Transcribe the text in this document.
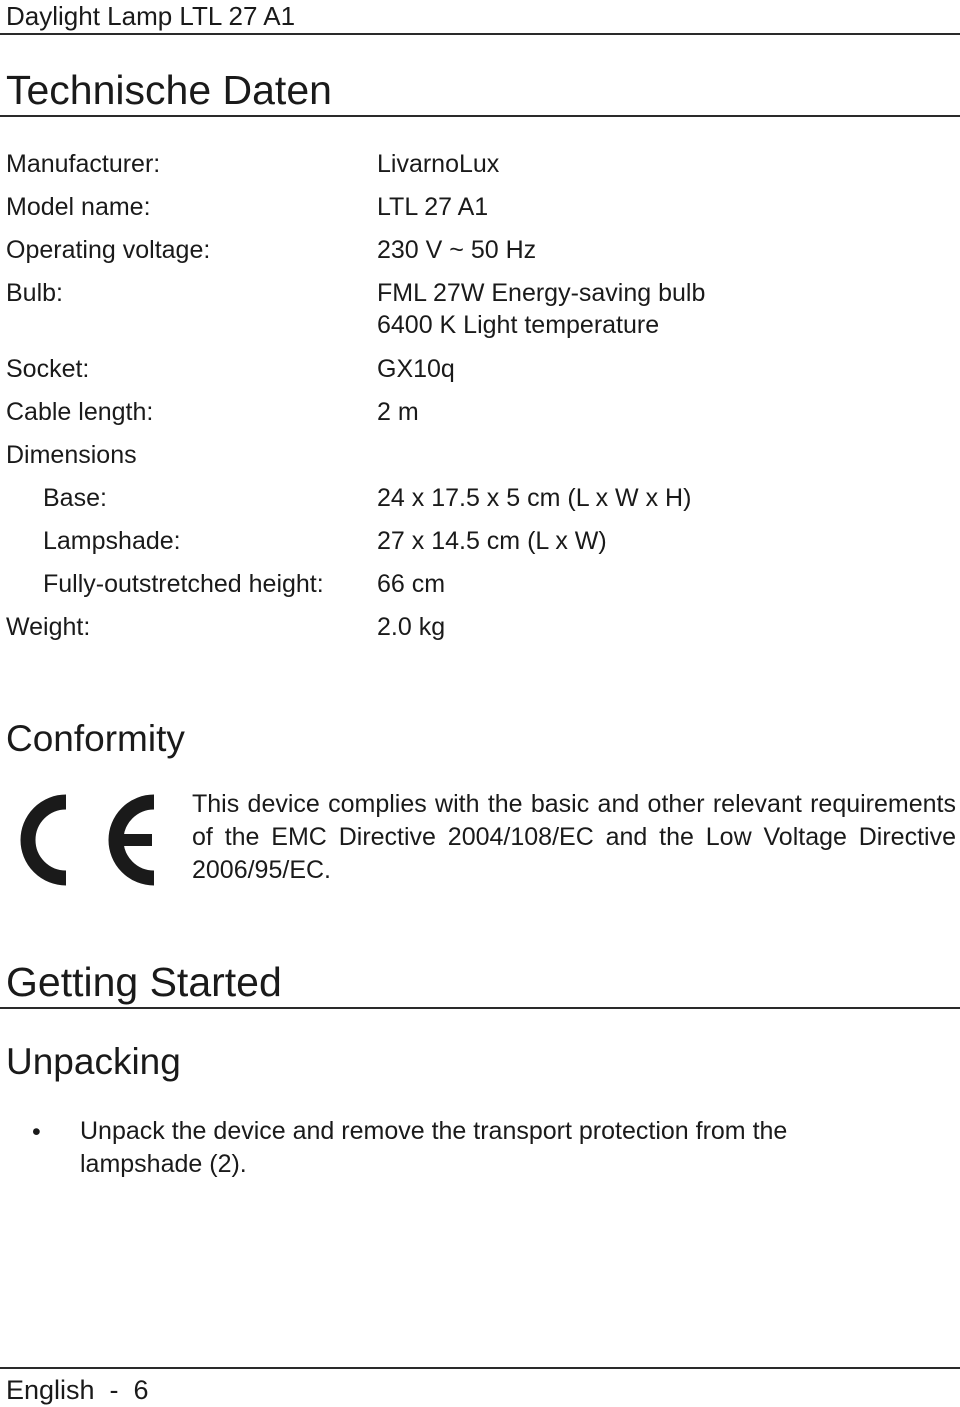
Daylight Lamp LTL 27 A1
Technische Daten
Manufacturer:	LivarnoLux
Model name:	LTL 27 A1
Operating voltage:	230 V ~ 50 Hz
Bulb:	FML 27W Energy-saving bulb
6400 K Light temperature
Socket:	GX10q
Cable length:	2 m
Dimensions
Base:	24 x 17.5 x 5 cm (L x W x H)
Lampshade:	27 x 14.5 cm (L x W)
Fully-outstretched height: 66 cm
Weight:	2.0 kg
Conformity
This device complies with the basic and other relevant requirements of the EMC Directive 2004/108/EC and the Low Voltage Directive 2006/95/EC.
Getting Started
Unpacking
• Unpack the device and remove the transport protection from the lampshade (2).
English  -  6
